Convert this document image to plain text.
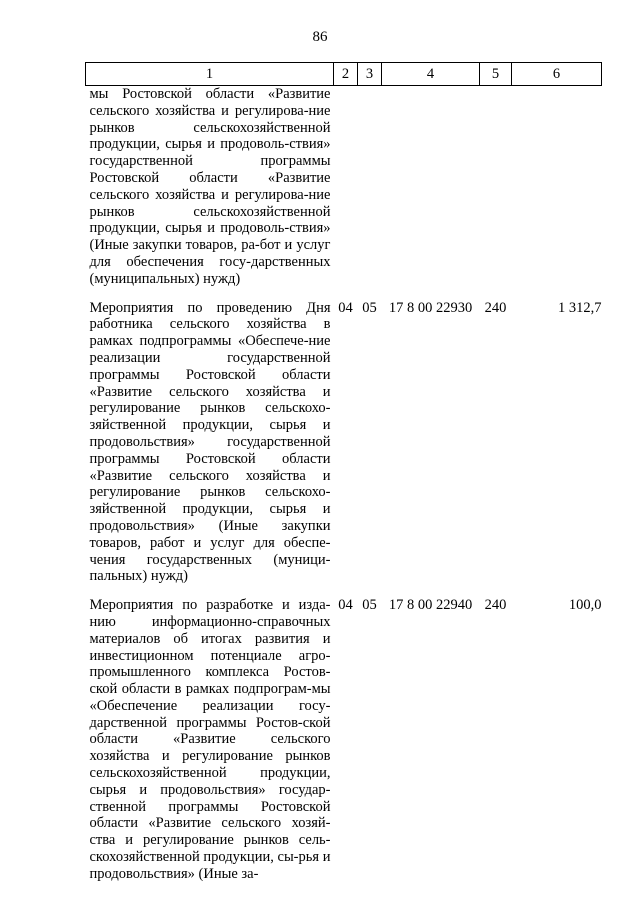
86
1	2	3	4	5	6
мы Ростовской области «Развитие сельского хозяйства и регулирова-ние рынков сельскохозяйственной продукции, сырья и продоволь-ствия» государственной программы Ростовской области «Развитие сельского хозяйства и регулирова-ние рынков сельскохозяйственной продукции, сырья и продоволь-ствия» (Иные закупки товаров, ра-бот и услуг для обеспечения госу-дарственных (муниципальных) нужд)					
Мероприятия по проведению Дня работника сельского хозяйства в рамках подпрограммы «Обеспече-ние реализации государственной программы Ростовской области «Развитие сельского хозяйства и регулирование рынков сельскохо-зяйственной продукции, сырья и продовольствия» государственной программы Ростовской области «Развитие сельского хозяйства и регулирование рынков сельскохо-зяйственной продукции, сырья и продовольствия» (Иные закупки товаров, работ и услуг для обеспе-чения государственных (муници-пальных) нужд)	04	05	17 8 00 22930	240	1 312,7
Мероприятия по разработке и изда-нию информационно-справочных материалов об итогах развития и инвестиционном потенциале агро-промышленного комплекса Ростов-ской области в рамках подпрограм-мы «Обеспечение реализации госу-дарственной программы Ростов-ской области «Развитие сельского хозяйства и регулирование рынков сельскохозяйственной продукции, сырья и продовольствия» государ-ственной программы Ростовской области «Развитие сельского хозяй-ства и регулирование рынков сель-скохозяйственной продукции, сы-рья и продовольствия» (Иные за-	04	05	17 8 00 22940	240	100,0
